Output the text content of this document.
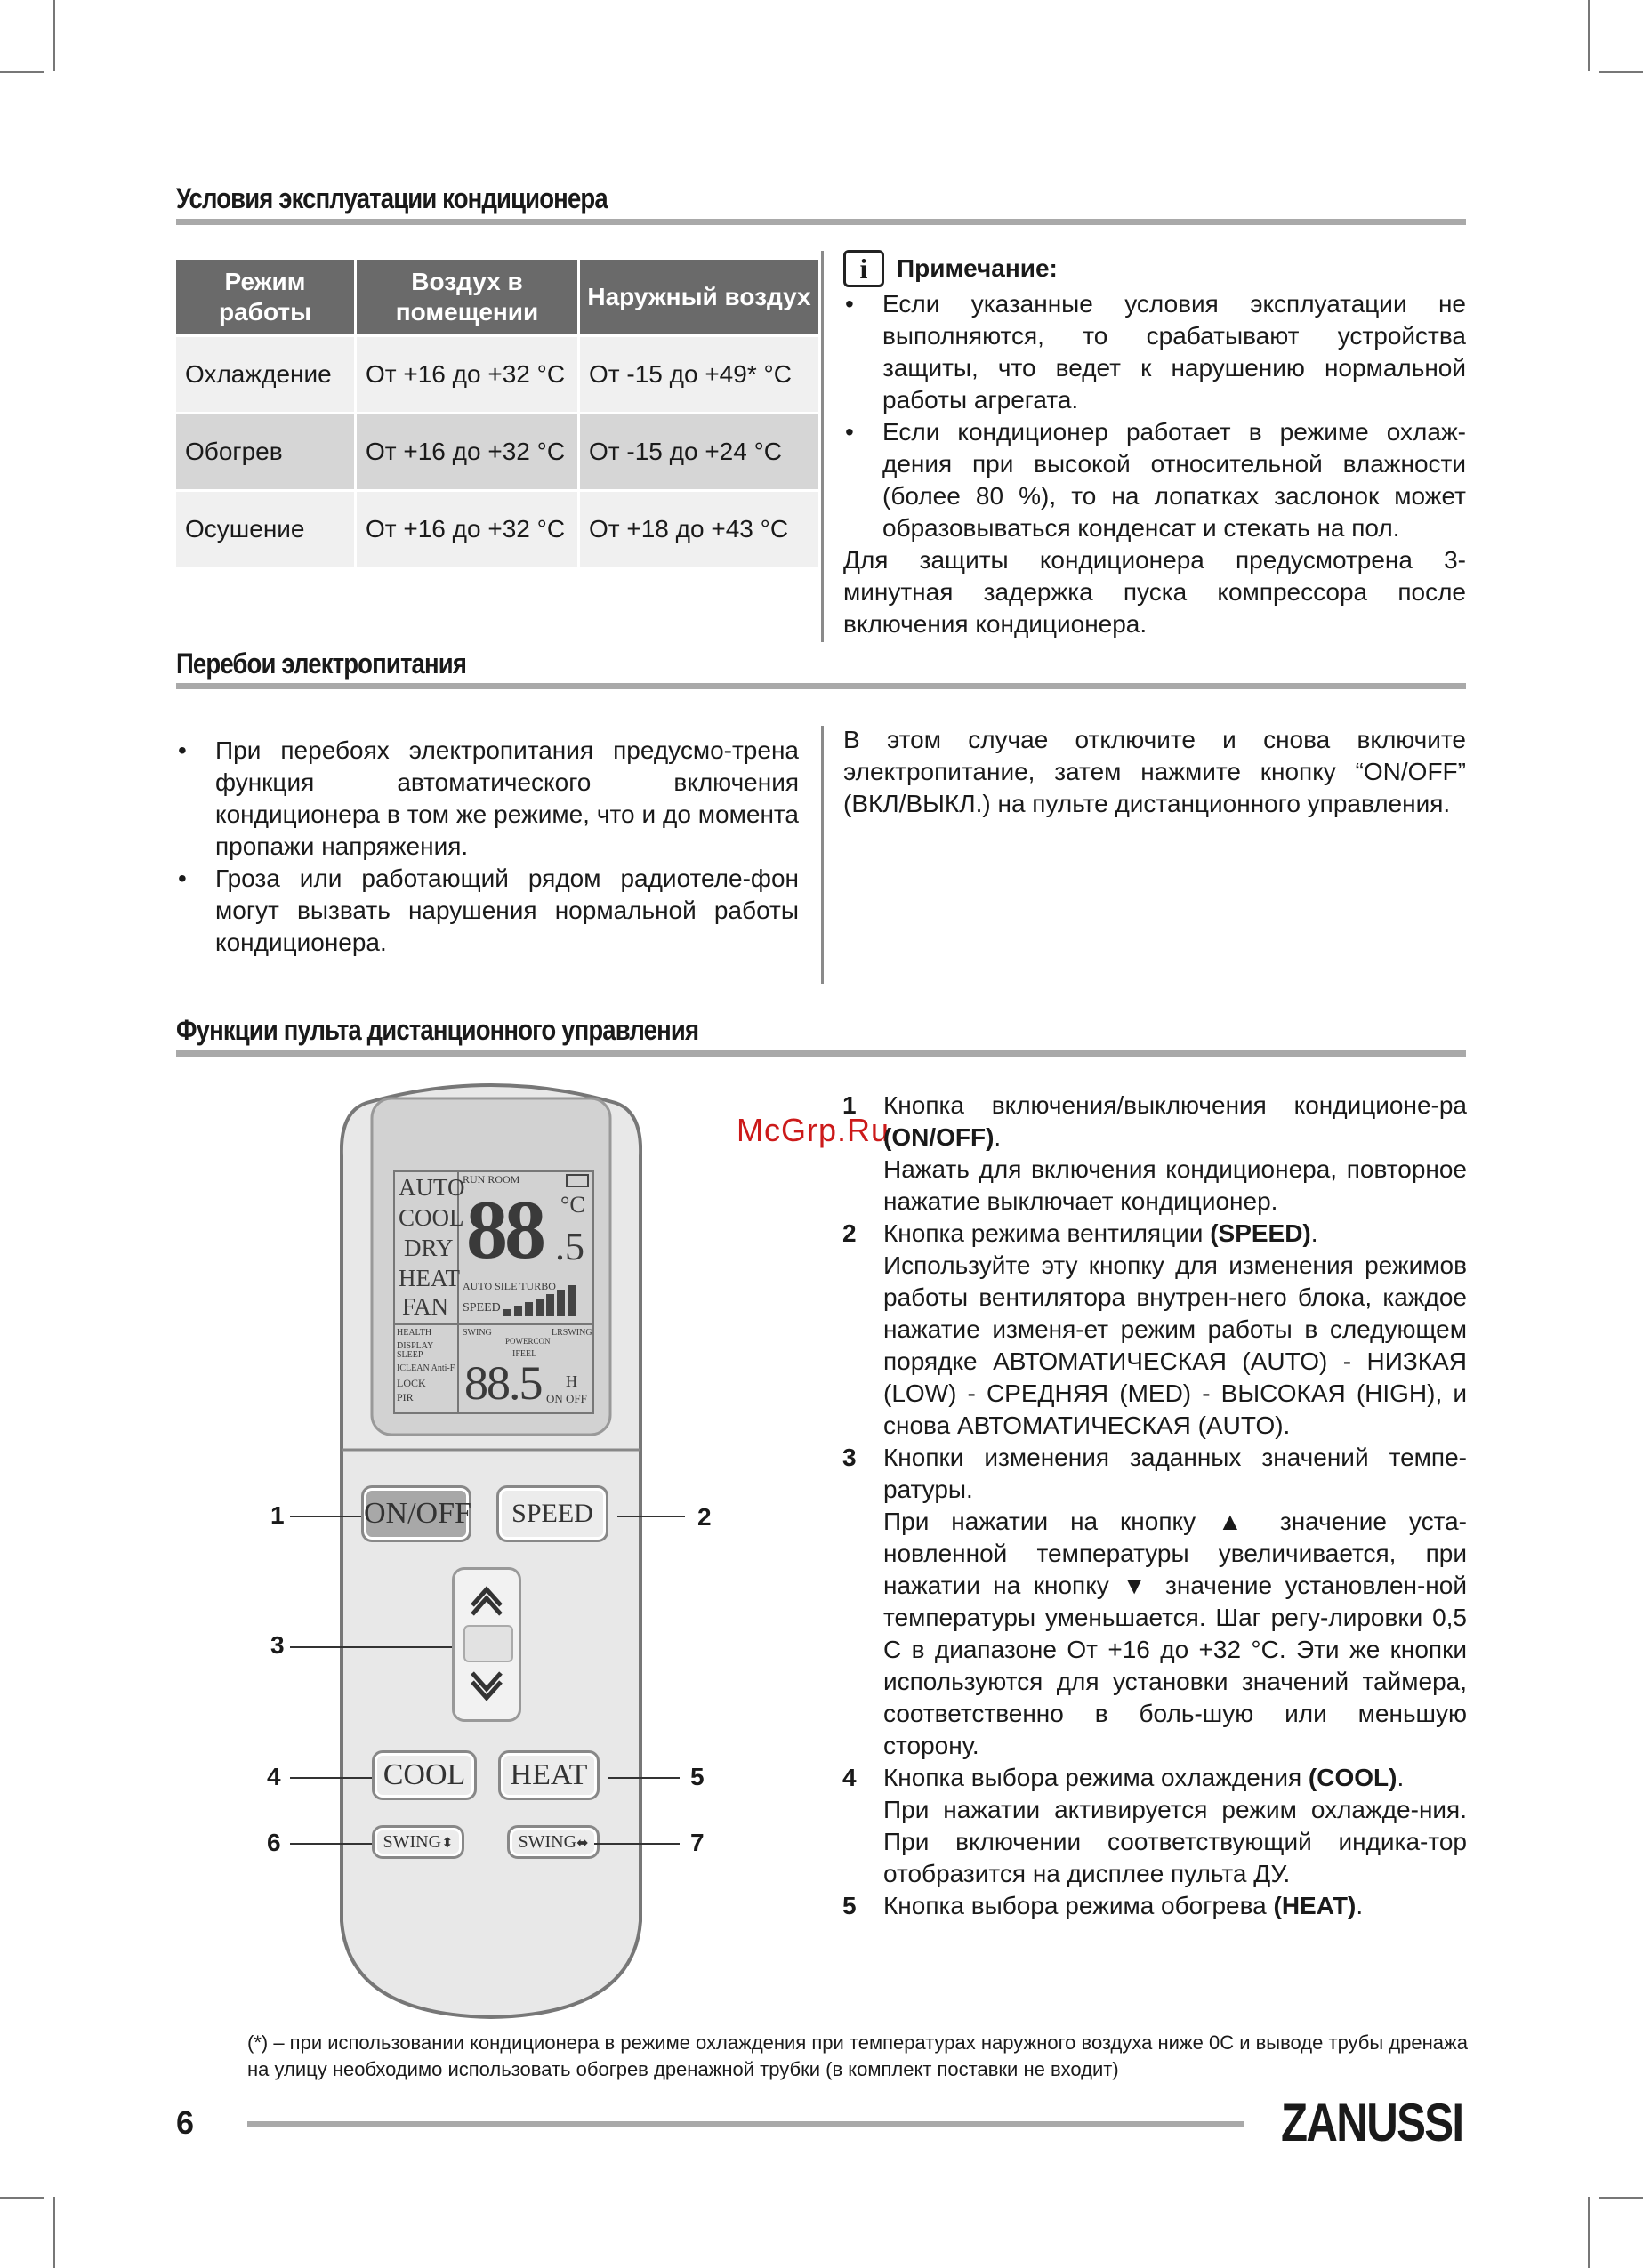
Условия эксплуатации кондиционера
Режим работы	Воздух в помещении	Наружный воздух
Охлаждение	От +16 до +32 °C	От -15 до +49* °C
Обогрев	От +16 до +32 °C	От -15 до +24 °C
Осушение	От +16 до +32 °C	От +18 до +43 °C
i	Примечание:
• Если указанные условия эксплуатации не выполняются, то срабатывают устройства защиты, что ведет к нарушению нормальной работы агрегата.
• Если кондиционер работает в режиме охлаж-дения при высокой относительной влажности (более 80 %), то на лопатках заслонок может образовываться конденсат и стекать на пол.
Для защиты кондиционера предусмотрена 3-минутная задержка пуска компрессора после включения кондиционера.
Перебои электропитания
• При перебоях электропитания предусмо-трена функция автоматического включения кондиционера в том же режиме, что и до момента пропажи напряжения.
• Гроза или работающий рядом радиотеле-фон могут вызвать нарушения нормальной работы кондиционера.
В этом случае отключите и снова включите электропитание, затем нажмите кнопку “ON/OFF” (ВКЛ/ВЫКЛ.) на пульте дистанционного управления.
Функции пульта дистанционного управления
AUTO
COOL
DRY
HEAT
FAN
RUN ROOM
88 .5
°C
AUTO SILE TURBO
SPEED
HEALTH
DISPLAY SLEEP
ICLEAN Anti-F
LOCK
PIR
SWING	LRSWING
POWERCON
IFEEL
88.5 H
ON OFF
ON/OFF	SPEED
COOL	HEAT
SWING⬍	SWING⬌
1	2
3
4	5
6	7
McGrp.Ru
1 Кнопка включения/выключения кондиционе-ра (ON/OFF).
Нажать для включения кондиционера, повторное нажатие выключает кондиционер.
2 Кнопка режима вентиляции (SPEED).
Используйте эту кнопку для изменения режимов работы вентилятора внутрен-него блока, каждое нажатие изменя-ет режим работы в следующем порядке АВТОМАТИЧЕСКАЯ (AUTO) - НИЗКАЯ (LOW) - СРЕДНЯЯ (MED) - ВЫСОКАЯ (HIGH), и снова АВТОМАТИЧЕСКАЯ (AUTO).
3 Кнопки изменения заданных значений темпе-ратуры.
При нажатии на кнопку ▲ значение уста-новленной температуры увеличивается, при нажатии на кнопку ▼ значение установлен-ной температуры уменьшается. Шаг регу-лировки 0,5 С в диапазоне От +16 до +32 °С. Эти же кнопки используются для установки значений таймера, соответственно в боль-шую или меньшую сторону.
4 Кнопка выбора режима охлаждения (COOL).
При нажатии активируется режим охлажде-ния. При включении соответствующий индика-тор отобразится на дисплее пульта ДУ.
5 Кнопка выбора режима обогрева (HEAT).
(*) – при использовании кондиционера в режиме охлаждения при температурах наружного воздуха ниже 0С и выводе трубы дренажа на улицу необходимо использовать обогрев дренажной трубки (в комплект поставки не входит)
6	ZANUSSI
